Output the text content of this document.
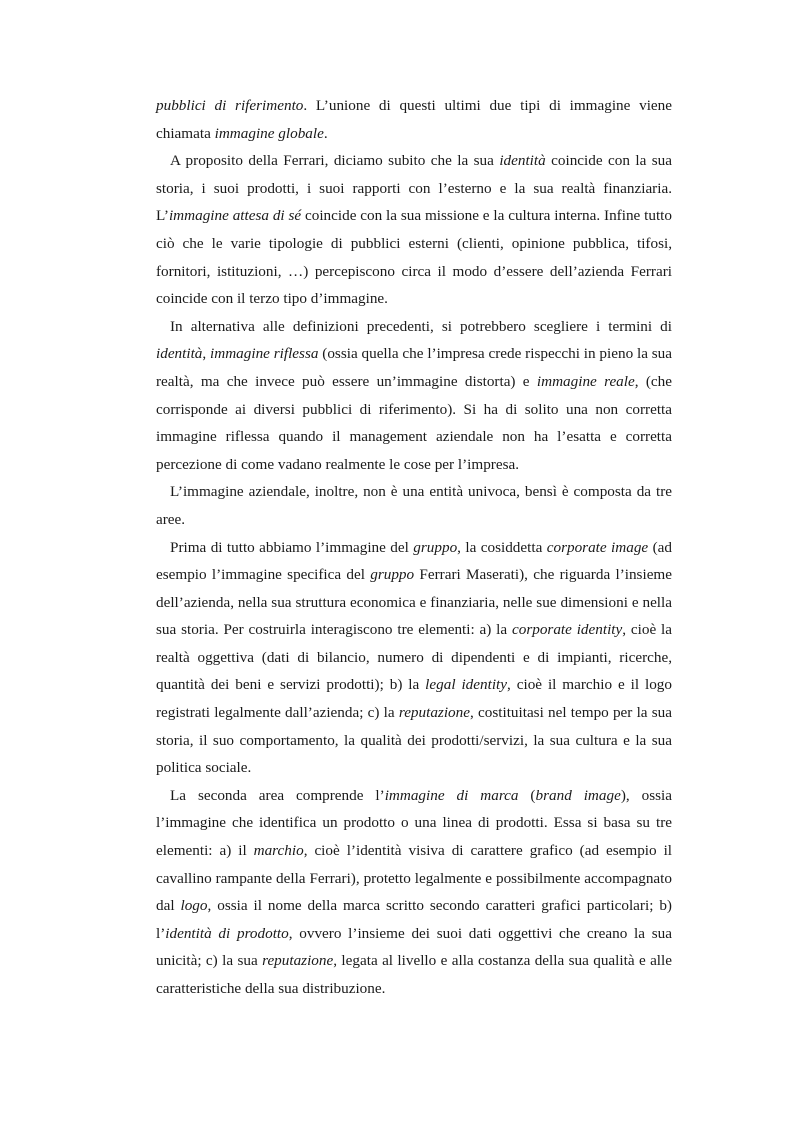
pubblici di riferimento. L’unione di questi ultimi due tipi di immagine viene chiamata immagine globale.

A proposito della Ferrari, diciamo subito che la sua identità coincide con la sua storia, i suoi prodotti, i suoi rapporti con l’esterno e la sua realtà finanziaria. L’immagine attesa di sé coincide con la sua missione e la cultura interna. Infine tutto ciò che le varie tipologie di pubblici esterni (clienti, opinione pubblica, tifosi, fornitori, istituzioni, …) percepiscono circa il modo d’essere dell’azienda Ferrari coincide con il terzo tipo d’immagine.

In alternativa alle definizioni precedenti, si potrebbero scegliere i termini di identità, immagine riflessa (ossia quella che l’impresa crede rispecchi in pieno la sua realtà, ma che invece può essere un’immagine distorta) e immagine reale, (che corrisponde ai diversi pubblici di riferimento). Si ha di solito una non corretta immagine riflessa quando il management aziendale non ha l’esatta e corretta percezione di come vadano realmente le cose per l’impresa.

L’immagine aziendale, inoltre, non è una entità univoca, bensì è composta da tre aree.

Prima di tutto abbiamo l’immagine del gruppo, la cosiddetta corporate image (ad esempio l’immagine specifica del gruppo Ferrari Maserati), che riguarda l’insieme dell’azienda, nella sua struttura economica e finanziaria, nelle sue dimensioni e nella sua storia. Per costruirla interagiscono tre elementi: a) la corporate identity, cioè la realtà oggettiva (dati di bilancio, numero di dipendenti e di impianti, ricerche, quantità dei beni e servizi prodotti); b) la legal identity, cioè il marchio e il logo registrati legalmente dall’azienda; c) la reputazione, costituitasi nel tempo per la sua storia, il suo comportamento, la qualità dei prodotti/servizi, la sua cultura e la sua politica sociale.

La seconda area comprende l’immagine di marca (brand image), ossia l’immagine che identifica un prodotto o una linea di prodotti. Essa si basa su tre elementi: a) il marchio, cioè l’identità visiva di carattere grafico (ad esempio il cavallino rampante della Ferrari), protetto legalmente e possibilmente accompagnato dal logo, ossia il nome della marca scritto secondo caratteri grafici particolari; b) l’identità di prodotto, ovvero l’insieme dei suoi dati oggettivi che creano la sua unicità; c) la sua reputazione, legata al livello e alla costanza della sua qualità e alle caratteristiche della sua distribuzione.
